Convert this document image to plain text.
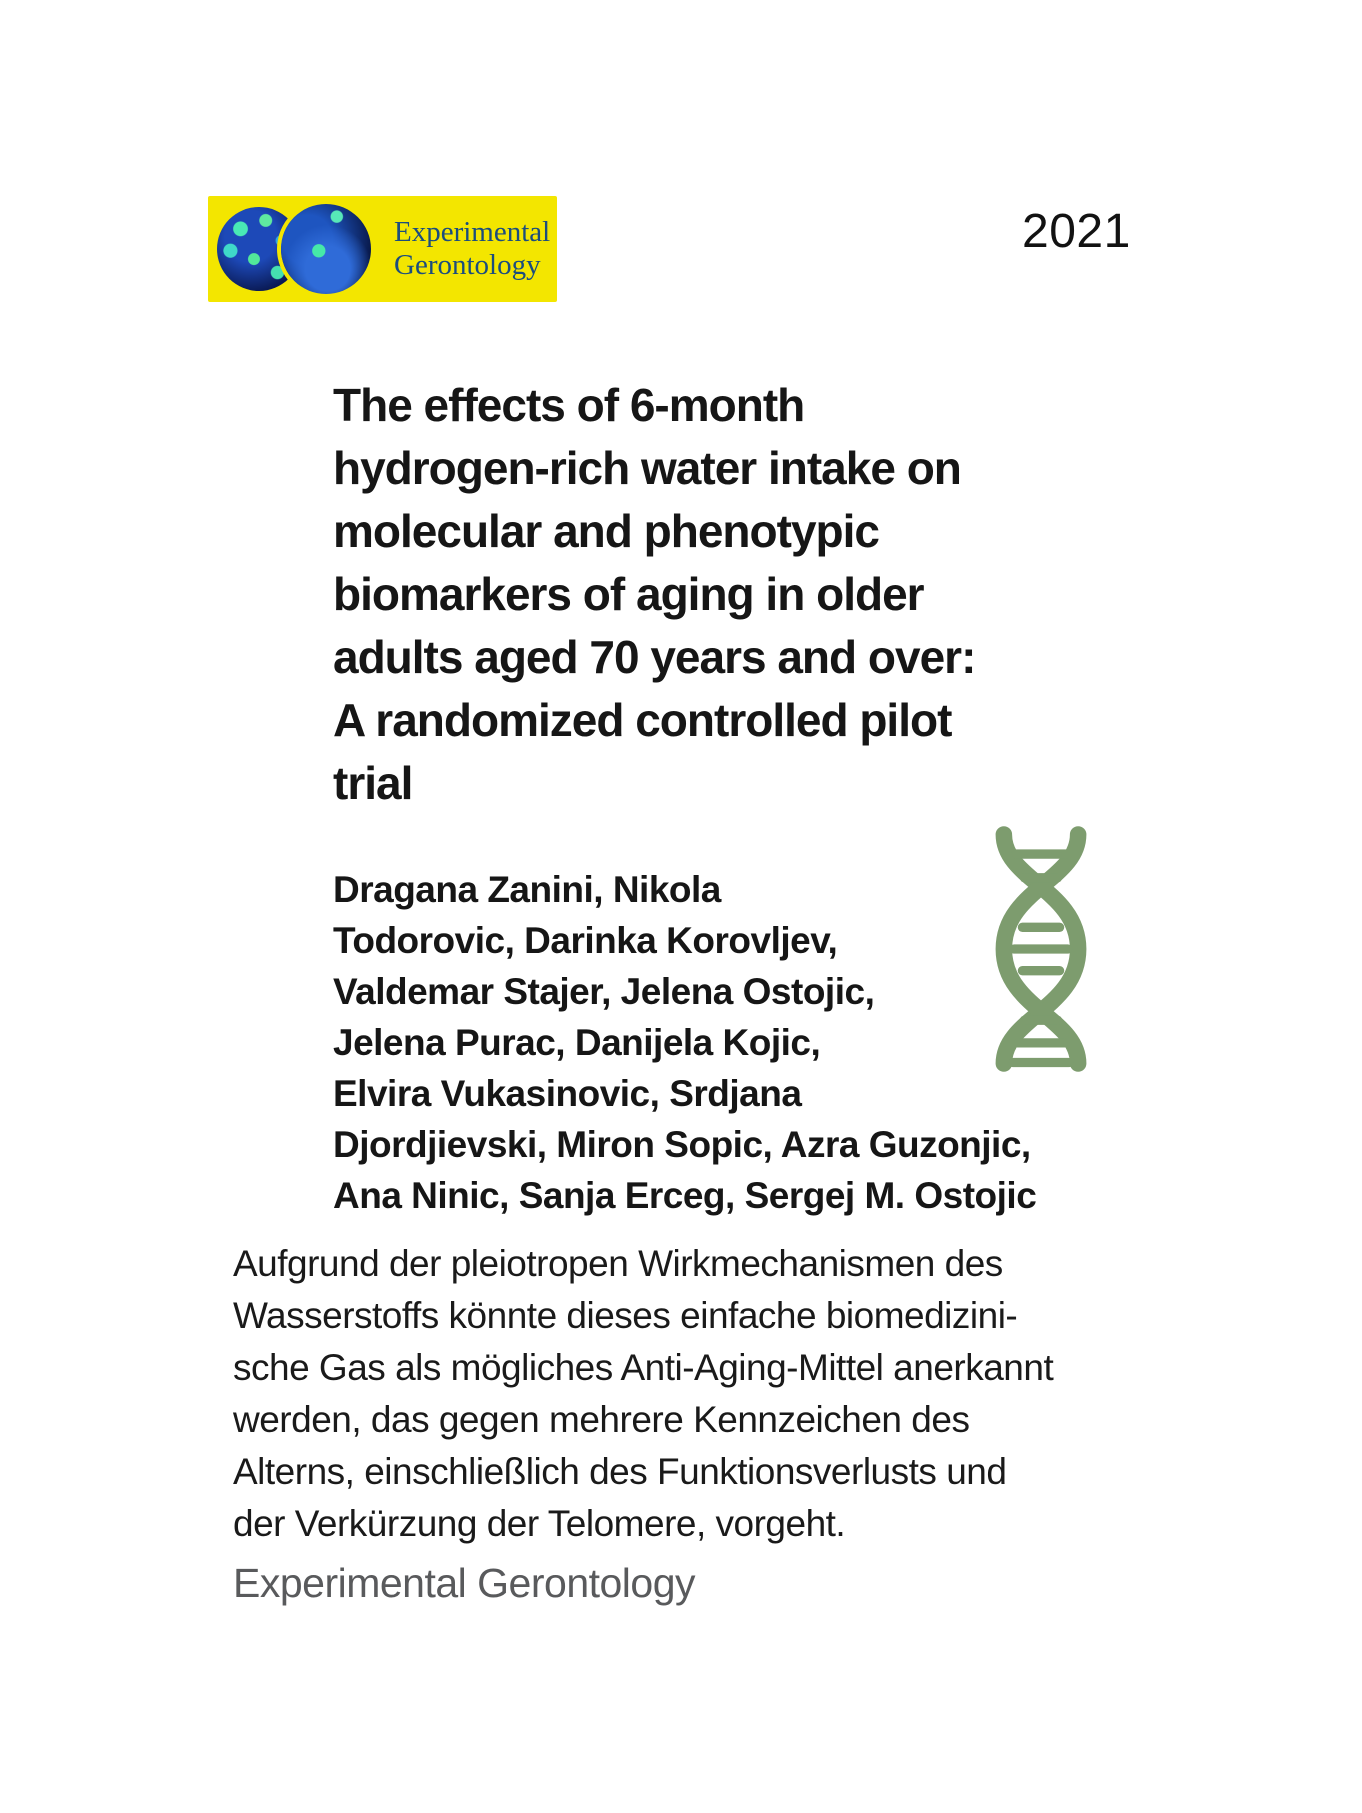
Experimental
Gerontology
2021
The effects of 6-month
hydrogen-rich water intake on
molecular and phenotypic
biomarkers of aging in older
adults aged 70 years and over:
A randomized controlled pilot
trial
Dragana Zanini, Nikola
Todorovic, Darinka Korovljev,
Valdemar Stajer, Jelena Ostojic,
Jelena Purac, Danijela Kojic,
Elvira Vukasinovic, Srdjana
Djordjievski, Miron Sopic, Azra Guzonjic,
Ana Ninic, Sanja Erceg, Sergej M. Ostojic
Aufgrund der pleiotropen Wirkmechanismen des
Wasserstoffs könnte dieses einfache biomedizini-
sche Gas als mögliches Anti-Aging-Mittel anerkannt
werden, das gegen mehrere Kennzeichen des
Alterns, einschließlich des Funktionsverlusts und
der Verkürzung der Telomere, vorgeht.
Experimental Gerontology
